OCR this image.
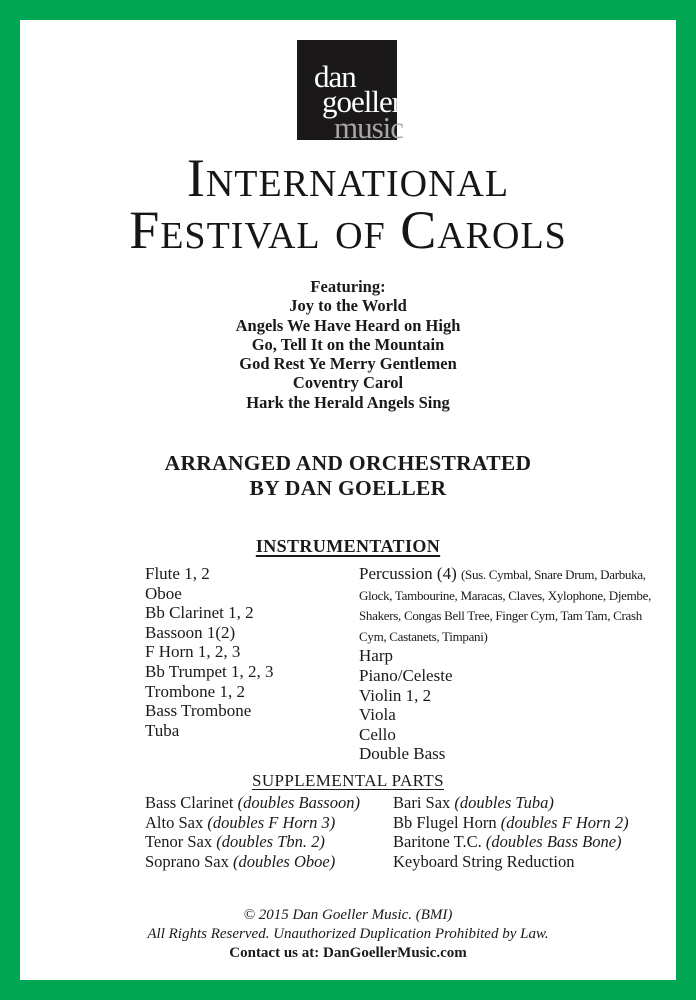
dan
goeller
music
International
Festival of Carols
Featuring:
Joy to the World
Angels We Have Heard on High
Go, Tell It on the Mountain
God Rest Ye Merry Gentlemen
Coventry Carol
Hark the Herald Angels Sing
ARRANGED AND ORCHESTRATED
BY DAN GOELLER
INSTRUMENTATION
Flute 1, 2
Oboe
Bb Clarinet 1, 2
Bassoon 1(2)
F Horn 1, 2, 3
Bb Trumpet 1, 2, 3
Trombone 1, 2
Bass Trombone
Tuba
Percussion (4) (Sus. Cymbal, Snare Drum, Darbuka, Glock, Tambourine, Maracas, Claves, Xylophone, Djembe, Shakers, Congas Bell Tree, Finger Cym, Tam Tam, Crash Cym, Castanets, Timpani)
Harp
Piano/Celeste
Violin 1, 2
Viola
Cello
Double Bass
SUPPLEMENTAL PARTS
Bass Clarinet (doubles Bassoon)
Alto Sax (doubles F Horn 3)
Tenor Sax (doubles Tbn. 2)
Soprano Sax (doubles Oboe)
Bari Sax (doubles Tuba)
Bb Flugel Horn (doubles F Horn 2)
Baritone T.C. (doubles Bass Bone)
Keyboard String Reduction
© 2015 Dan Goeller Music. (BMI)
All Rights Reserved. Unauthorized Duplication Prohibited by Law.
Contact us at: DanGoellerMusic.com
